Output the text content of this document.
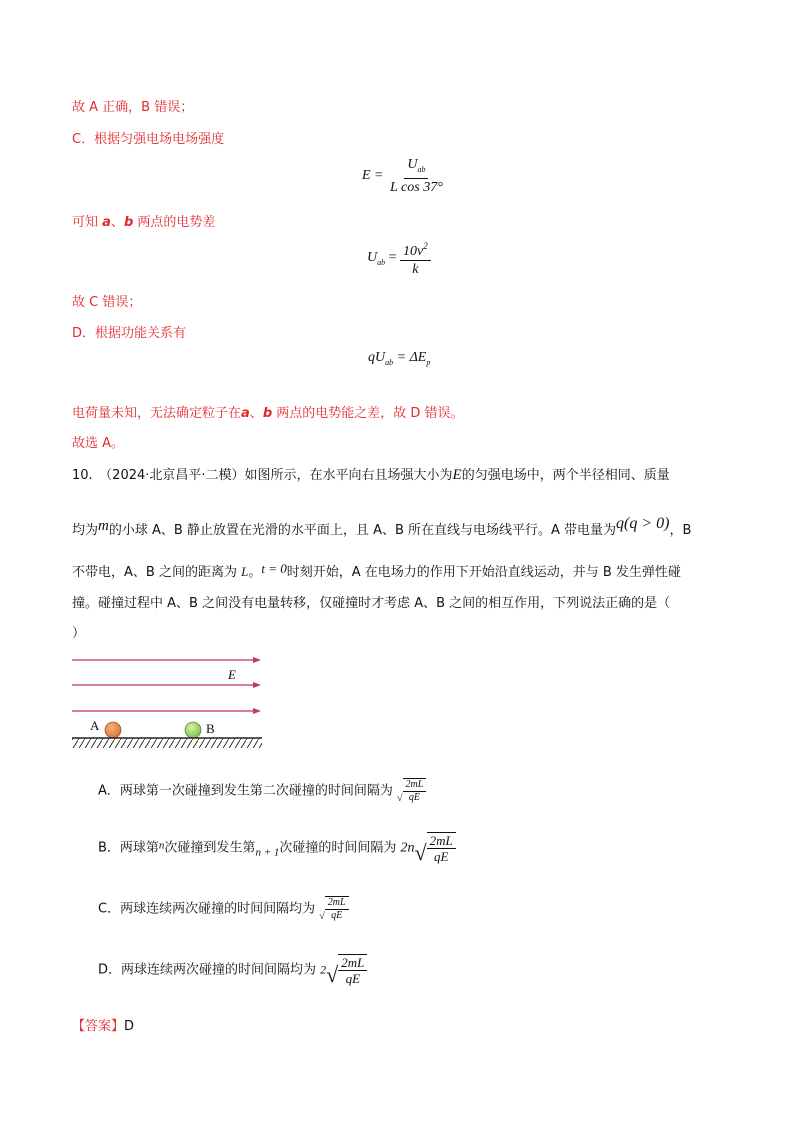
故 A 正确，B 错误；
C．根据匀强电场电场强度
$E = \frac{U_{ab}}{\text{L cos 37°}}$
可知 a、b 两点的电势差
$U_{ab} = \frac{10v^2}{k}$
故 C 错误；
D．根据功能关系有
$qU_{ab} = \Delta E_p$
电荷量未知，无法确定粒子在a、b 两点的电势能之差，故 D 错误。
故选 A。
10.　（2024·北京昌平·二模）如图所示，在水平向右且场强大小为E的匀强电场中，两个半径相同、质量
均为m的小球 A、B 静止放置在光滑的水平面上，且 A、B 所在直线与电场线平行。A 带电量为q(q > 0)，B
不带电，A、B 之间的距离为 L。t = 0时刻开始，A 在电场力的作用下开始沿直线运动，并与 B 发生弹性碰
撞。碰撞过程中 A、B 之间没有电量转移，仅碰撞时才考虑 A、B 之间的相互作用，下列说法正确的是（
）
E
A	B
A．两球第一次碰撞到发生第二次碰撞的时间间隔为 √ $\frac{2mL}{qE}$
B．两球第$^n$次碰撞到发生第$_{n + 1}$次碰撞的时间间隔为 2n √ $\frac{2mL}{qE}$
C．两球连续两次碰撞的时间间隔均为 √ $\frac{2mL}{qE}$
D．两球连续两次碰撞的时间间隔均为 2 √ $\frac{2mL}{qE}$
【答案】D
